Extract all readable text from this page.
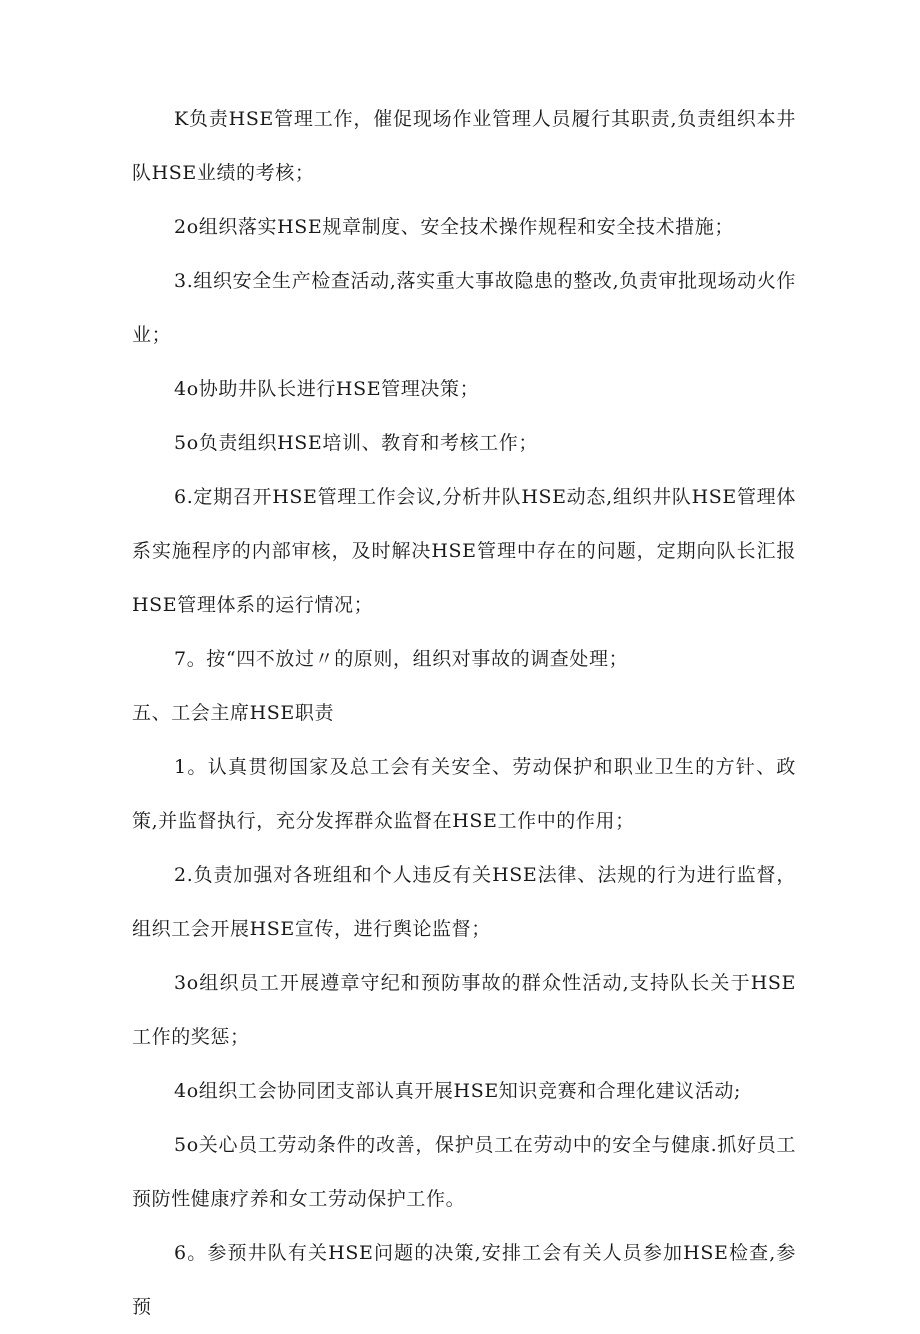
K负责HSE管理工作，催促现场作业管理人员履行其职责,负责组织本井队HSE业绩的考核；

2o组织落实HSE规章制度、安全技术操作规程和安全技术措施；

3.组织安全生产检查活动,落实重大事故隐患的整改,负责审批现场动火作业；

4o协助井队长进行HSE管理决策；

5o负责组织HSE培训、教育和考核工作；

6.定期召开HSE管理工作会议,分析井队HSE动态,组织井队HSE管理体系实施程序的内部审核，及时解决HSE管理中存在的问题，定期向队长汇报HSE管理体系的运行情况；

7。按“四不放过〃的原则，组织对事故的调查处理；

五、工会主席HSE职责

1。认真贯彻国家及总工会有关安全、劳动保护和职业卫生的方针、政策,并监督执行，充分发挥群众监督在HSE工作中的作用；

2.负责加强对各班组和个人违反有关HSE法律、法规的行为进行监督，组织工会开展HSE宣传，进行舆论监督；

3o组织员工开展遵章守纪和预防事故的群众性活动,支持队长关于HSE工作的奖惩；

4o组织工会协同团支部认真开展HSE知识竞赛和合理化建议活动;

5o关心员工劳动条件的改善，保护员工在劳动中的安全与健康.抓好员工预防性健康疗养和女工劳动保护工作。

6。参预井队有关HSE问题的决策,安排工会有关人员参加HSE检查,参预
